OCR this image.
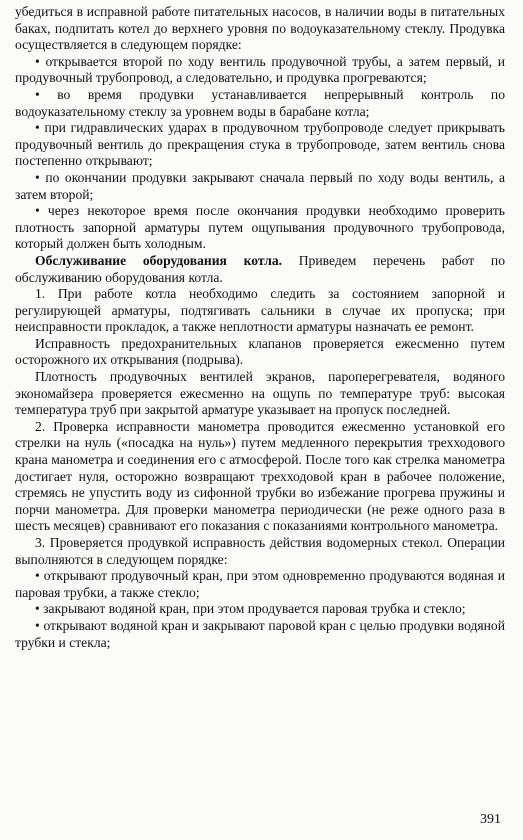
убедиться в исправной работе питательных насосов, в наличии воды в питательных баках, подпитать котел до верхнего уровня по водоуказательному стеклу. Продувка осуществляется в следующем порядке:

• открывается второй по ходу вентиль продувочной трубы, а затем первый, и продувочный трубопровод, а следовательно, и продувка прогреваются;

• во время продувки устанавливается непрерывный контроль по водоуказательному стеклу за уровнем воды в барабане котла;

• при гидравлических ударах в продувочном трубопроводе следует прикрывать продувочный вентиль до прекращения стука в трубопроводе, затем вентиль снова постепенно открывают;

• по окончании продувки закрывают сначала первый по ходу воды вентиль, а затем второй;

• через некоторое время после окончания продувки необходимо проверить плотность запорной арматуры путем ощупывания продувочного трубопровода, который должен быть холодным.

Обслуживание оборудования котла. Приведем перечень работ по обслуживанию оборудования котла.

1. При работе котла необходимо следить за состоянием запорной и регулирующей арматуры, подтягивать сальники в случае их пропуска; при неисправности прокладок, а также неплотности арматуры назначать ее ремонт.

Исправность предохранительных клапанов проверяется ежесменно путем осторожного их открывания (подрыва).

Плотность продувочных вентилей экранов, пароперегревателя, водяного экономайзера проверяется ежесменно на ощупь по температуре труб: высокая температура труб при закрытой арматуре указывает на пропуск последней.

2. Проверка исправности манометра проводится ежесменно установкой его стрелки на нуль («посадка на нуль») путем медленного перекрытия трехходового крана манометра и соединения его с атмосферой. После того как стрелка манометра достигает нуля, осторожно возвращают трехходовой кран в рабочее положение, стремясь не упустить воду из сифонной трубки во избежание прогрева пружины и порчи манометра. Для проверки манометра периодически (не реже одного раза в шесть месяцев) сравнивают его показания с показаниями контрольного манометра.

3. Проверяется продувкой исправность действия водомерных стекол. Операции выполняются в следующем порядке:

• открывают продувочный кран, при этом одновременно продуваются водяная и паровая трубки, а также стекло;

• закрывают водяной кран, при этом продувается паровая трубка и стекло;

• открывают водяной кран и закрывают паровой кран с целью продувки водяной трубки и стекла;

391
